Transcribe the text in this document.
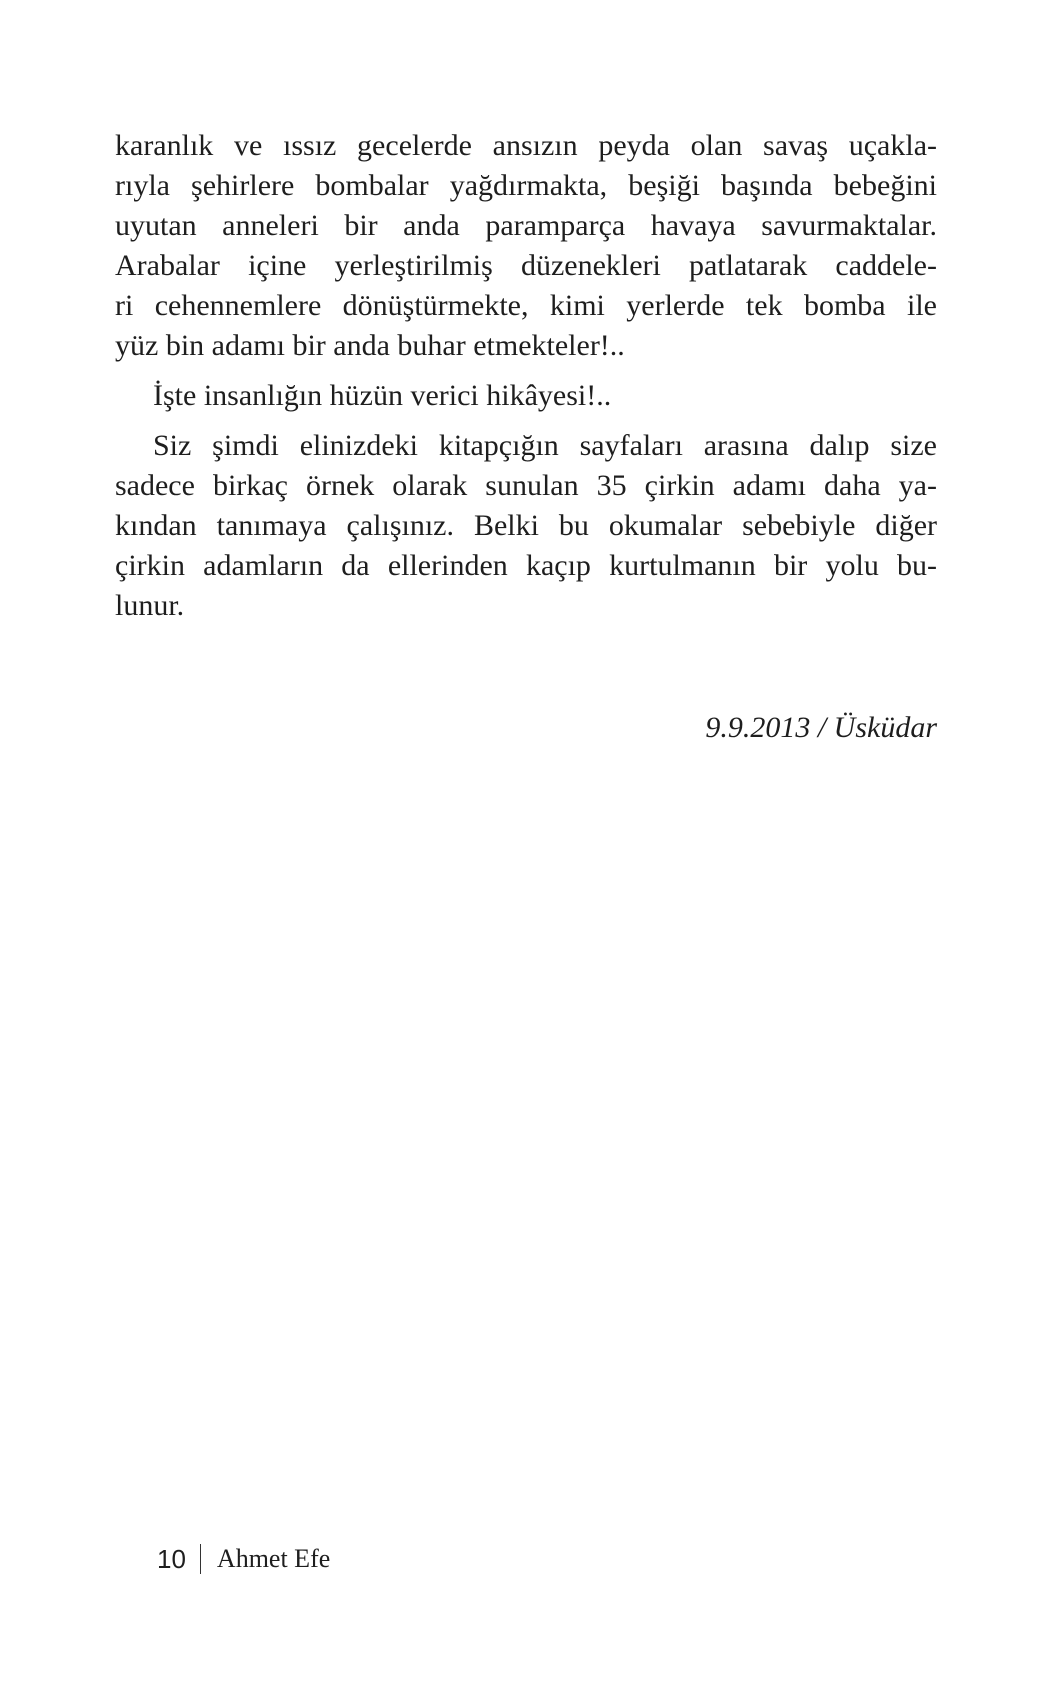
karanlık ve ıssız gecelerde ansızın peyda olan savaş uçakla-
rıyla şehirlere bombalar yağdırmakta, beşiği başında bebeğini
uyutan anneleri bir anda paramparça havaya savurmaktalar.
Arabalar içine yerleştirilmiş düzenekleri patlatarak caddele-
ri cehennemlere dönüştürmekte, kimi yerlerde tek bomba ile
yüz bin adamı bir anda buhar etmekteler!..
İşte insanlığın hüzün verici hikâyesi!..
Siz şimdi elinizdeki kitapçığın sayfaları arasına dalıp size
sadece birkaç örnek olarak sunulan 35 çirkin adamı daha ya-
kından tanımaya çalışınız. Belki bu okumalar sebebiyle diğer
çirkin adamların da ellerinden kaçıp kurtulmanın bir yolu bu-
lunur.
9.9.2013 / Üsküdar
10 Ahmet Efe
